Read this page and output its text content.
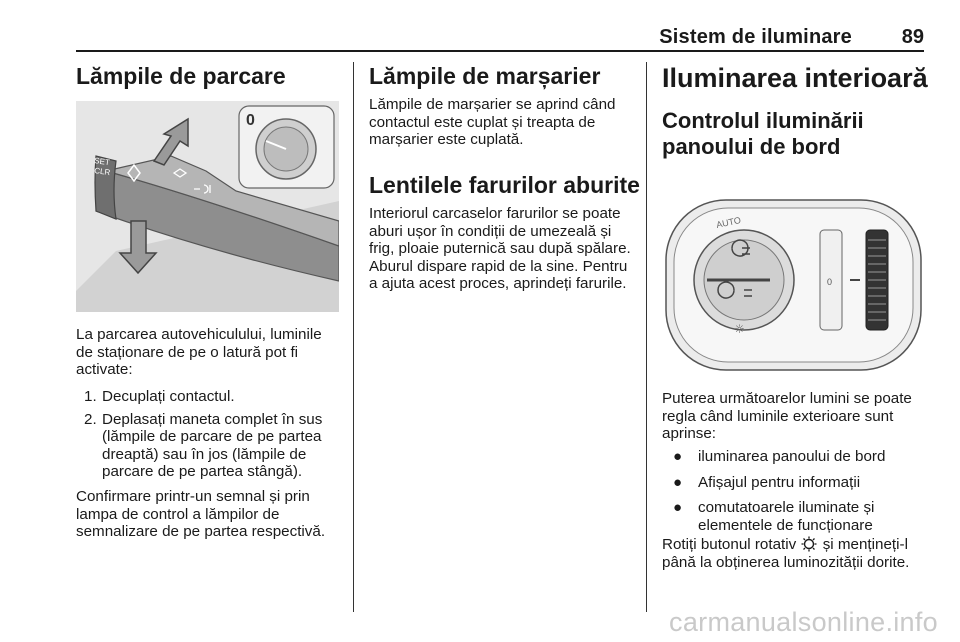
Sistem de iluminare 89
Lămpile de parcare
SET
CLR
0

La parcarea autovehiculului, luminile de staționare de pe o latură pot fi activate:

1. Decuplați contactul.
2. Deplasați maneta complet în sus (lămpile de parcare de pe partea dreaptă) sau în jos (lămpile de parcare de pe partea stângă).

Confirmare printr-un semnal și prin lampa de control a lămpilor de semnalizare de pe partea respectivă.

Lămpile de marșarier

Lămpile de marșarier se aprind când contactul este cuplat și treapta de marșarier este cuplată.

Lentilele farurilor aburite

Interiorul carcaselor farurilor se poate aburi ușor în condiții de umezeală și frig, ploaie puternică sau după spălare. Aburul dispare rapid de la sine. Pentru a ajuta acest proces, aprindeți farurile.

Iluminarea interioară
Controlul iluminării panoului de bord
AUTO
☼
0

Puterea următoarelor lumini se poate regla când luminile exterioare sunt aprinse:

● iluminarea panoului de bord
● Afișajul pentru informații
● comutatoarele iluminate și elementele de funcționare

Rotiți butonul rotativ și mențineți-l până la obținerea luminozității dorite.

carmanualsonline.info
